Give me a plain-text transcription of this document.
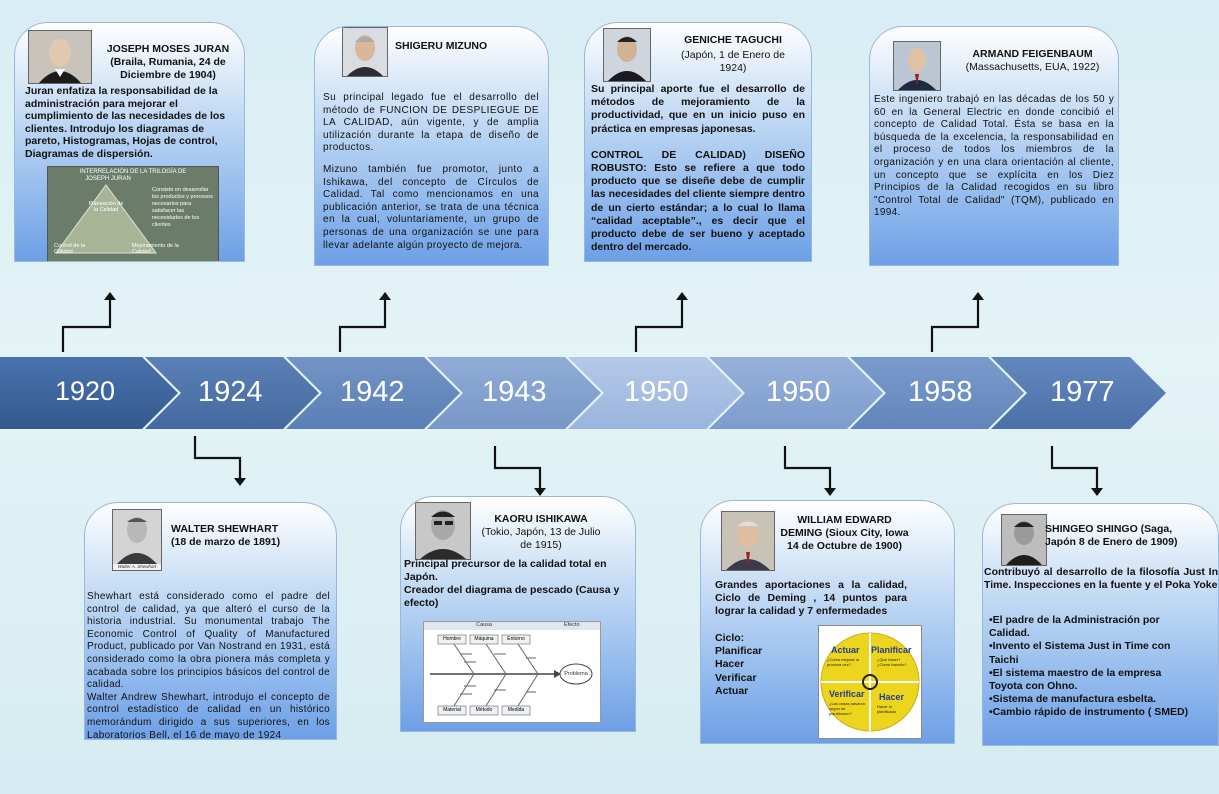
JOSEPH MOSES JURAN
(Braila, Rumania, 24 de
Diciembre de 1904)
Juran enfatiza la responsabilidad de la administración para mejorar el cumplimiento de las necesidades de los clientes. Introdujo los diagramas de pareto, Histogramas, Hojas de control, Diagramas de dispersión.
INTERRELACIÓN DE LA TRILOGÍA DE
JOSEPH JURAN
Planeación de la Calidad
Control de la Calidad
Mejoramiento de la Calidad
Consiste en desarrollar los productos y procesos necesarios para satisfacer las necesidades de los clientes
SHIGERU MIZUNO

Su principal legado fue el desarrollo del método de FUNCION DE DESPLIEGUE DE LA CALIDAD, aún vigente, y de amplia utilización durante la etapa de diseño de productos.

Mizuno también fue promotor, junto a Ishikawa, del concepto de Círculos de Calidad. Tal como mencionamos en una publicación anterior, se trata de una técnica en la cual, voluntariamente, un grupo de personas de una organización se une para llevar adelante algún proyecto de mejora.

GENICHE TAGUCHI
(Japón, 1 de Enero de
1924)

Su principal aporte fue el desarrollo de métodos de mejoramiento de la productividad, que en un inicio puso en práctica en empresas japonesas.

CONTROL DE CALIDAD) DISEÑO ROBUSTO: Esto se refiere a que todo producto que se diseñe debe de cumplir las necesidades del cliente siempre dentro de un cierto estándar; a lo cual lo llama “calidad aceptable”., es decir que el producto debe de ser bueno y aceptado dentro del mercado.

ARMAND FEIGENBAUM
(Massachusetts, EUA, 1922)
Este ingeniero trabajó en las décadas de los 50 y 60 en la General Electric en donde concibió el concepto de Calidad Total. Ésta se basa en la búsqueda de la excelencia, la responsabilidad en el proceso de todos los miembros de la organización y en una clara orientación al cliente, un concepto que se explícita en los Diez Principios de la Calidad recogidos en su libro "Control Total de Calidad" (TQM), publicado en 1994.
1920	1924	1942	1943	1950	1950	1958	1977
Walter A. Shewhart
WALTER SHEWHART
(18 de marzo de 1891)

Shewhart está considerado como el padre del control de calidad, ya que alteró el curso de la historia industrial. Su monumental trabajo The Economic Control of Quality of Manufactured Product, publicado por Van Nostrand en 1931, está considerado como la obra pionera más completa y acabada sobre los principios básicos del control de calidad.

Walter Andrew Shewhart, introdujo el concepto de control estadístico de calidad en un histórico memorándum dirigido a sus superiores, en los Laboratorios Bell, el 16 de mayo de 1924

KAORU ISHIKAWA
(Tokio, Japón, 13 de Julio
de 1915)
Principal precursor de la calidad total en Japón.
Creador del diagrama de pescado (Causa y efecto)
Causa	Efecto
Problema
Hombre	Máquina	Entorno
Material	Método	Medida
WILLIAM EDWARD
DEMING (Sioux City, Iowa
14 de Octubre de 1900)
Grandes aportaciones a la calidad, Ciclo de Deming , 14 puntos para lograr la calidad y 7 enfermedades
Ciclo:
Planificar
Hacer
Verificar
Actuar
Actuar Planificar
Verificar Hacer
¿Cómo mejorar la próxima vez?
¿Qué hacer? ¿Cómo hacerlo?
¿Las cosas pasaron según se planificaron?
Hacer lo planificado
SHINGEO SHINGO (Saga,
Japón 8 de Enero de 1909)
Contribuyó al desarrollo de la filosofía Just In Time. Inspecciones en la fuente y el Poka Yoke
•El padre de la Administración por Calidad.
•Invento el Sistema Just in Time con Taichi
•El sistema maestro de la empresa Toyota con Ohno.
•Sistema de manufactura esbelta.
•Cambio rápido de instrumento ( SMED)
